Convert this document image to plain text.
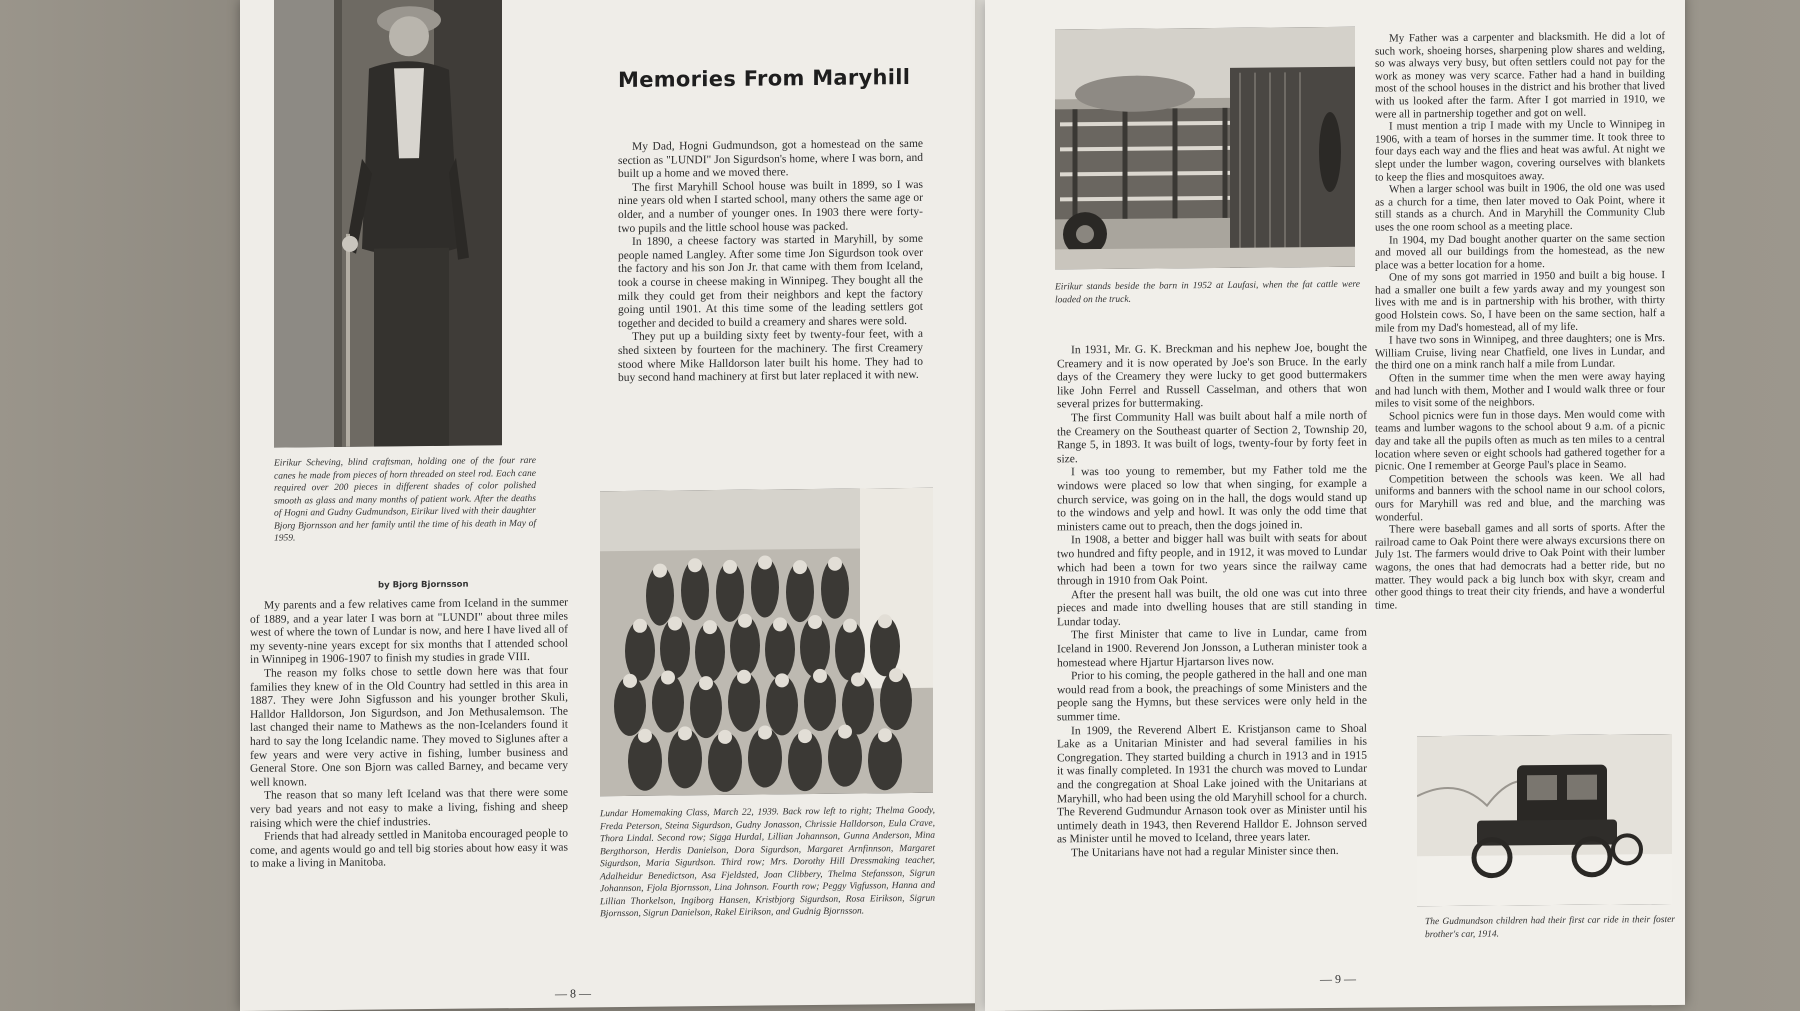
Eirikur Scheving, blind craftsman, holding one of the four rare canes he made from pieces of horn threaded on steel rod. Each cane required over 200 pieces in different shades of color polished smooth as glass and many months of patient work. After the deaths of Hogni and Gudny Gudmundson, Eirikur lived with their daughter Bjorg Bjornsson and her family until the time of his death in May of 1959.
Memories From Maryhill

My Dad, Hogni Gudmundson, got a homestead on the same section as "LUNDI" Jon Sigurdson's home, where I was born, and built up a home and we moved there.

The first Maryhill School house was built in 1899, so I was nine years old when I started school, many others the same age or older, and a number of younger ones. In 1903 there were forty-two pupils and the little school house was packed.

In 1890, a cheese factory was started in Maryhill, by some people named Langley. After some time Jon Sigurdson took over the factory and his son Jon Jr. that came with them from Iceland, took a course in cheese making in Winnipeg. They bought all the milk they could get from their neighbors and kept the factory going until 1901. At this time some of the leading settlers got together and decided to build a creamery and shares were sold.

They put up a building sixty feet by twenty-four feet, with a shed sixteen by fourteen for the machinery. The first Creamery stood where Mike Halldorson later built his home. They had to buy second hand machinery at first but later replaced it with new.

by Bjorg Bjornsson

My parents and a few relatives came from Iceland in the summer of 1889, and a year later I was born at "LUNDI" about three miles west of where the town of Lundar is now, and here I have lived all of my seventy-nine years except for six months that I attended school in Winnipeg in 1906-1907 to finish my studies in grade VIII.

The reason my folks chose to settle down here was that four families they knew of in the Old Country had settled in this area in 1887. They were John Sigfusson and his younger brother Skuli, Halldor Halldorson, Jon Sigurdson, and Jon Methusalemson. The last changed their name to Mathews as the non-Icelanders found it hard to say the long Icelandic name. They moved to Siglunes after a few years and were very active in fishing, lumber business and General Store. One son Bjorn was called Barney, and became very well known.

The reason that so many left Iceland was that there were some very bad years and not easy to make a living, fishing and sheep raising which were the chief industries.

Friends that had already settled in Manitoba encouraged people to come, and agents would go and tell big stories about how easy it was to make a living in Manitoba.

Lundar Homemaking Class, March 22, 1939. Back row left to right; Thelma Goody, Freda Peterson, Steina Sigurdson, Gudny Jonasson, Chrissie Halldorson, Eula Crave, Thora Lindal. Second row; Sigga Hurdal, Lillian Johannson, Gunna Anderson, Mina Bergthorson, Herdis Danielson, Dora Sigurdson, Margaret Arnfinnson, Margaret Sigurdson, Maria Sigurdson. Third row; Mrs. Dorothy Hill Dressmaking teacher, Adalheidur Benedictson, Asa Fjeldsted, Joan Clibbery, Thelma Stefansson, Sigrun Johannson, Fjola Bjornsson, Lina Johnson. Fourth row; Peggy Vigfusson, Hanna and Lillian Thorkelson, Ingiborg Hansen, Kristbjorg Sigurdson, Rosa Eirikson, Sigrun Bjornsson, Sigrun Danielson, Rakel Eirikson, and Gudnig Bjornsson.
— 8 —
Eirikur stands beside the barn in 1952 at Laufasi, when the fat cattle were loaded on the truck.

In 1931, Mr. G. K. Breckman and his nephew Joe, bought the Creamery and it is now operated by Joe's son Bruce. In the early days of the Creamery they were lucky to get good buttermakers like John Ferrel and Russell Casselman, and others that won several prizes for buttermaking.

The first Community Hall was built about half a mile north of the Creamery on the Southeast quarter of Section 2, Township 20, Range 5, in 1893. It was built of logs, twenty-four by forty feet in size.

I was too young to remember, but my Father told me the windows were placed so low that when singing, for example a church service, was going on in the hall, the dogs would stand up to the windows and yelp and howl. It was only the odd time that ministers came out to preach, then the dogs joined in.

In 1908, a better and bigger hall was built with seats for about two hundred and fifty people, and in 1912, it was moved to Lundar which had been a town for two years since the railway came through in 1910 from Oak Point.

After the present hall was built, the old one was cut into three pieces and made into dwelling houses that are still standing in Lundar today.

The first Minister that came to live in Lundar, came from Iceland in 1900. Reverend Jon Jonsson, a Lutheran minister took a homestead where Hjartur Hjartarson lives now.

Prior to his coming, the people gathered in the hall and one man would read from a book, the preachings of some Ministers and the people sang the Hymns, but these services were only held in the summer time.

In 1909, the Reverend Albert E. Kristjanson came to Shoal Lake as a Unitarian Minister and had several families in his Congregation. They started building a church in 1913 and in 1915 it was finally completed. In 1931 the church was moved to Lundar and the congregation at Shoal Lake joined with the Unitarians at Maryhill, who had been using the old Maryhill school for a church. The Reverend Gudmundur Arnason took over as Minister until his untimely death in 1943, then Reverend Halldor E. Johnson served as Minister until he moved to Iceland, three years later.

The Unitarians have not had a regular Minister since then.

My Father was a carpenter and blacksmith. He did a lot of such work, shoeing horses, sharpening plow shares and welding, so was always very busy, but often settlers could not pay for the work as money was very scarce. Father had a hand in building most of the school houses in the district and his brother that lived with us looked after the farm. After I got married in 1910, we were all in partnership together and got on well.

I must mention a trip I made with my Uncle to Winnipeg in 1906, with a team of horses in the summer time. It took three to four days each way and the flies and heat was awful. At night we slept under the lumber wagon, covering ourselves with blankets to keep the flies and mosquitoes away.

When a larger school was built in 1906, the old one was used as a church for a time, then later moved to Oak Point, where it still stands as a church. And in Maryhill the Community Club uses the one room school as a meeting place.

In 1904, my Dad bought another quarter on the same section and moved all our buildings from the homestead, as the new place was a better location for a home.

One of my sons got married in 1950 and built a big house. I had a smaller one built a few yards away and my youngest son lives with me and is in partnership with his brother, with thirty good Holstein cows. So, I have been on the same section, half a mile from my Dad's homestead, all of my life.

I have two sons in Winnipeg, and three daughters; one is Mrs. William Cruise, living near Chatfield, one lives in Lundar, and the third one on a mink ranch half a mile from Lundar.

Often in the summer time when the men were away haying and had lunch with them, Mother and I would walk three or four miles to visit some of the neighbors.

School picnics were fun in those days. Men would come with teams and lumber wagons to the school about 9 a.m. of a picnic day and take all the pupils often as much as ten miles to a central location where seven or eight schools had gathered together for a picnic. One I remember at George Paul's place in Seamo.

Competition between the schools was keen. We all had uniforms and banners with the school name in our school colors, ours for Maryhill was red and blue, and the marching was wonderful.

There were baseball games and all sorts of sports. After the railroad came to Oak Point there were always excursions there on July 1st. The farmers would drive to Oak Point with their lumber wagons, the ones that had democrats had a better ride, but no matter. They would pack a big lunch box with skyr, cream and other good things to treat their city friends, and have a wonderful time.

The Gudmundson children had their first car ride in their foster brother's car, 1914.
— 9 —
